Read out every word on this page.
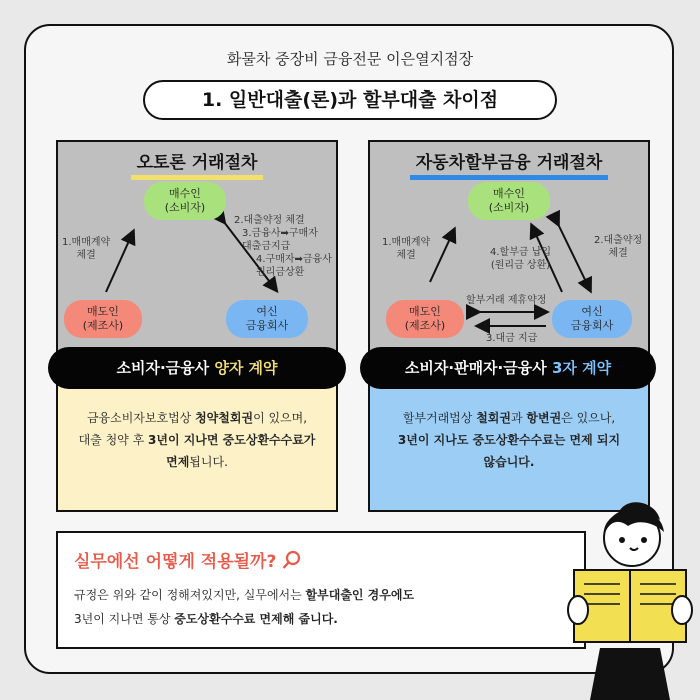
화물차 중장비 금융전문 이은열지점장
1. 일반대출(론)과 할부대출 차이점
오토론 거래절차
매수인
(소비자)
매도인
(제조사)
여신
금융회사
1.매매계약
체결
2.대출약정 체결
3.금융사➡구매자
대출금지급
4.구매자➡금융사
원리금상환
금융소비자보호법상 청약철회권이 있으며,
대출 청약 후 3년이 지나면 중도상환수수료가
면제됩니다.
자동차할부금융 거래절차
매수인
(소비자)
매도인
(제조사)
여신
금융회사
1.매매계약
체결	4.할부금 납입
(원리금 상환)
2.대출약정
체결
할부거래 제휴약정
3.대금 지급
할부거래법상 철회권과 항변권은 있으나,
3년이 지나도 중도상환수수료는 면제 되지
않습니다.
소비자·금융사 양자 계약	소비자·판매자·금융사 3자 계약
실무에선 어떻게 적용될까?
규정은 위와 같이 정해져있지만, 실무에서는 할부대출인 경우에도
3년이 지나면 통상 중도상환수수료 면제해 줍니다.
